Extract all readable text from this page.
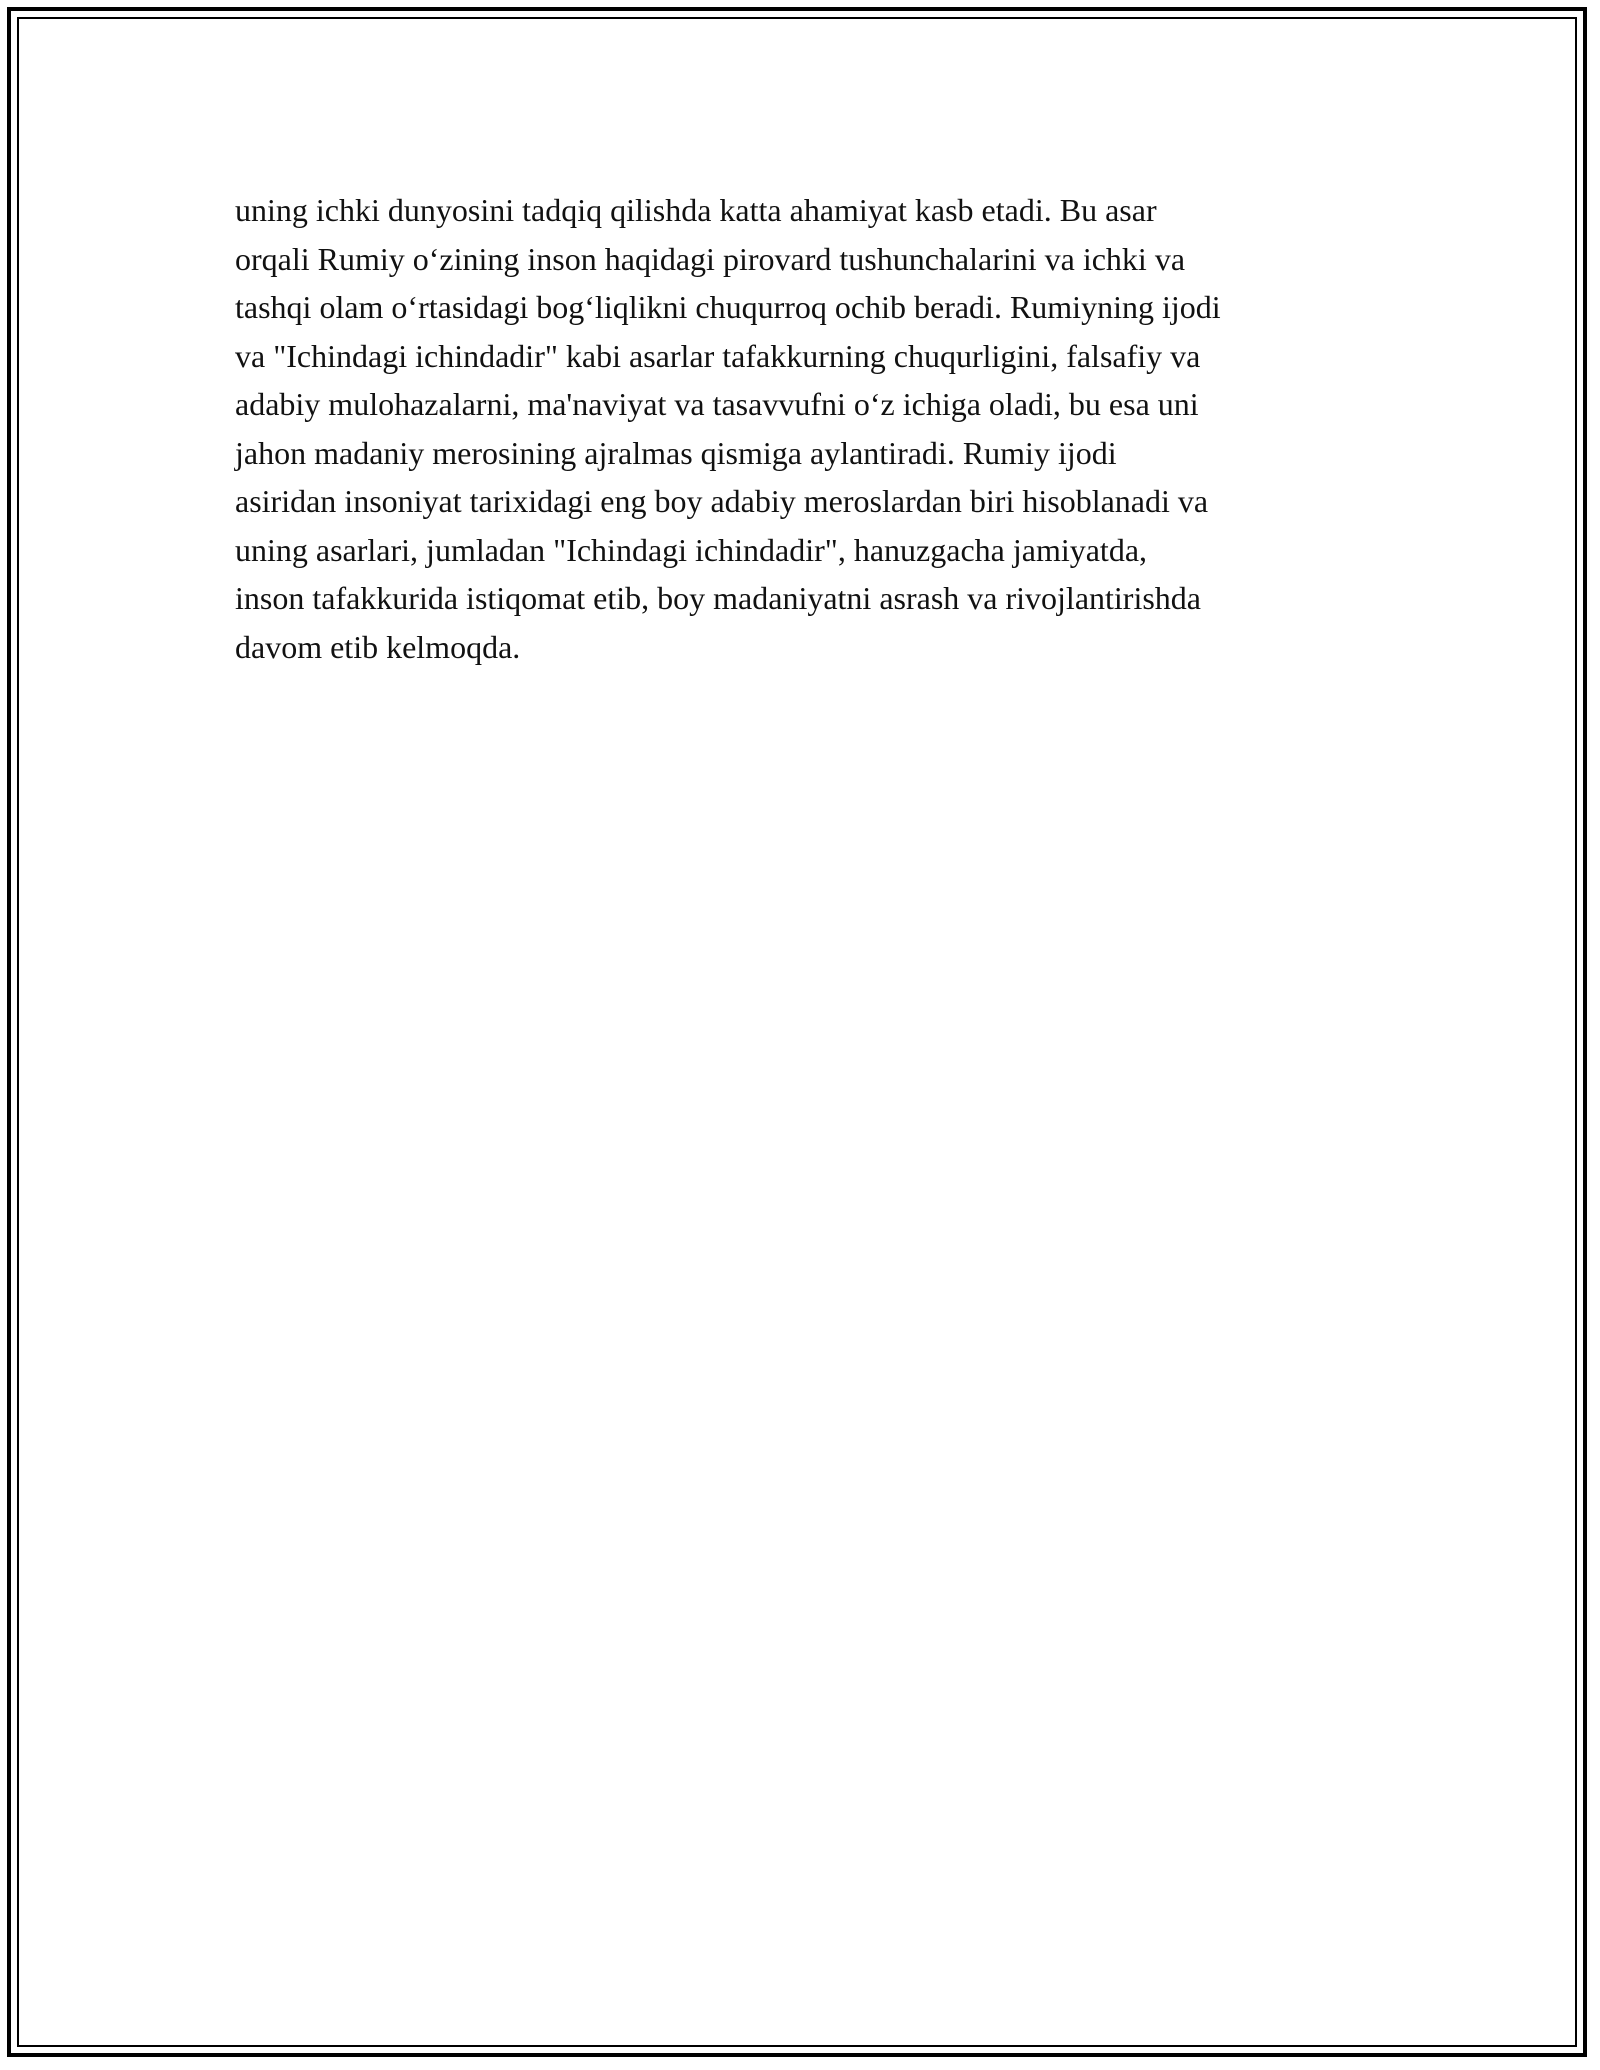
uning ichki dunyosini tadqiq qilishda katta ahamiyat kasb etadi. Bu asar
orqali Rumiy o‘zining inson haqidagi pirovard tushunchalarini va ichki va
tashqi olam o‘rtasidagi bog‘liqlikni chuqurroq ochib beradi. Rumiyning ijodi
va "Ichindagi ichindadir" kabi asarlar tafakkurning chuqurligini, falsafiy va
adabiy mulohazalarni, ma'naviyat va tasavvufni o‘z ichiga oladi, bu esa uni
jahon madaniy merosining ajralmas qismiga aylantiradi. Rumiy ijodi
asiridan insoniyat tarixidagi eng boy adabiy meroslardan biri hisoblanadi va
uning asarlari, jumladan "Ichindagi ichindadir", hanuzgacha jamiyatda,
inson tafakkurida istiqomat etib, boy madaniyatni asrash va rivojlantirishda
davom etib kelmoqda.
